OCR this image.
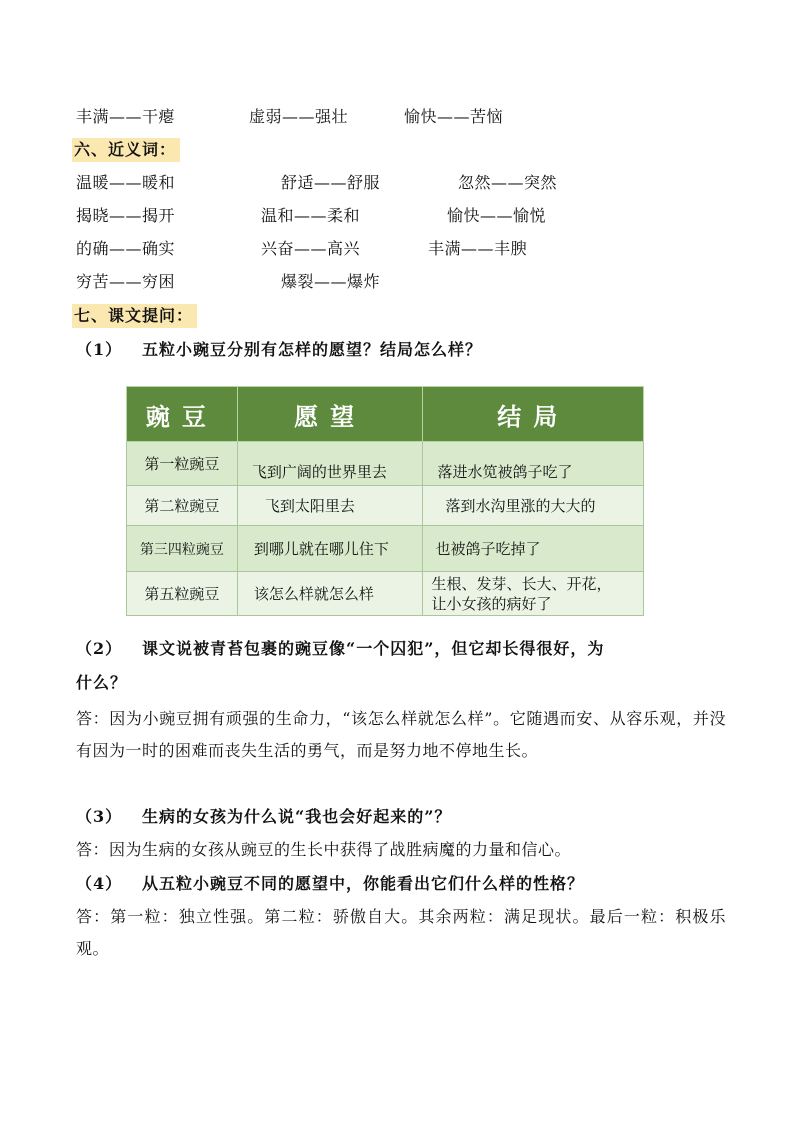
丰满——干瘪	虚弱——强壮	愉快——苦恼
六、近义词：
温暖——暖和	舒适——舒服	忽然——突然
揭晓——揭开	温和——柔和	愉快——愉悦
的确——确实	兴奋——高兴	丰满——丰腴
穷苦——穷困	爆裂——爆炸
七、课文提问：
（1） 五粒小豌豆分别有怎样的愿望？结局怎么样？
豌豆	愿望	结局
第一粒豌豆	飞到广阔的世界里去	落进水笕被鸽子吃了
第二粒豌豆	飞到太阳里去	落到水沟里涨的大大的
第三四粒豌豆	到哪儿就在哪儿住下	也被鸽子吃掉了
第五粒豌豆	该怎么样就怎么样	生根、发芽、长大、开花，
让小女孩的病好了
（2） 课文说被青苔包裹的豌豆像“一个囚犯”，但它却长得很好，为
什么？
答：因为小豌豆拥有顽强的生命力，“该怎么样就怎么样”。它随遇而安、从容乐观，并没有因为一时的困难而丧失生活的勇气，而是努力地不停地生长。
（3） 生病的女孩为什么说“我也会好起来的”？
答：因为生病的女孩从豌豆的生长中获得了战胜病魔的力量和信心。
（4） 从五粒小豌豆不同的愿望中，你能看出它们什么样的性格？
答：第一粒：独立性强。第二粒：骄傲自大。其余两粒：满足现状。最后一粒：积极乐观。
